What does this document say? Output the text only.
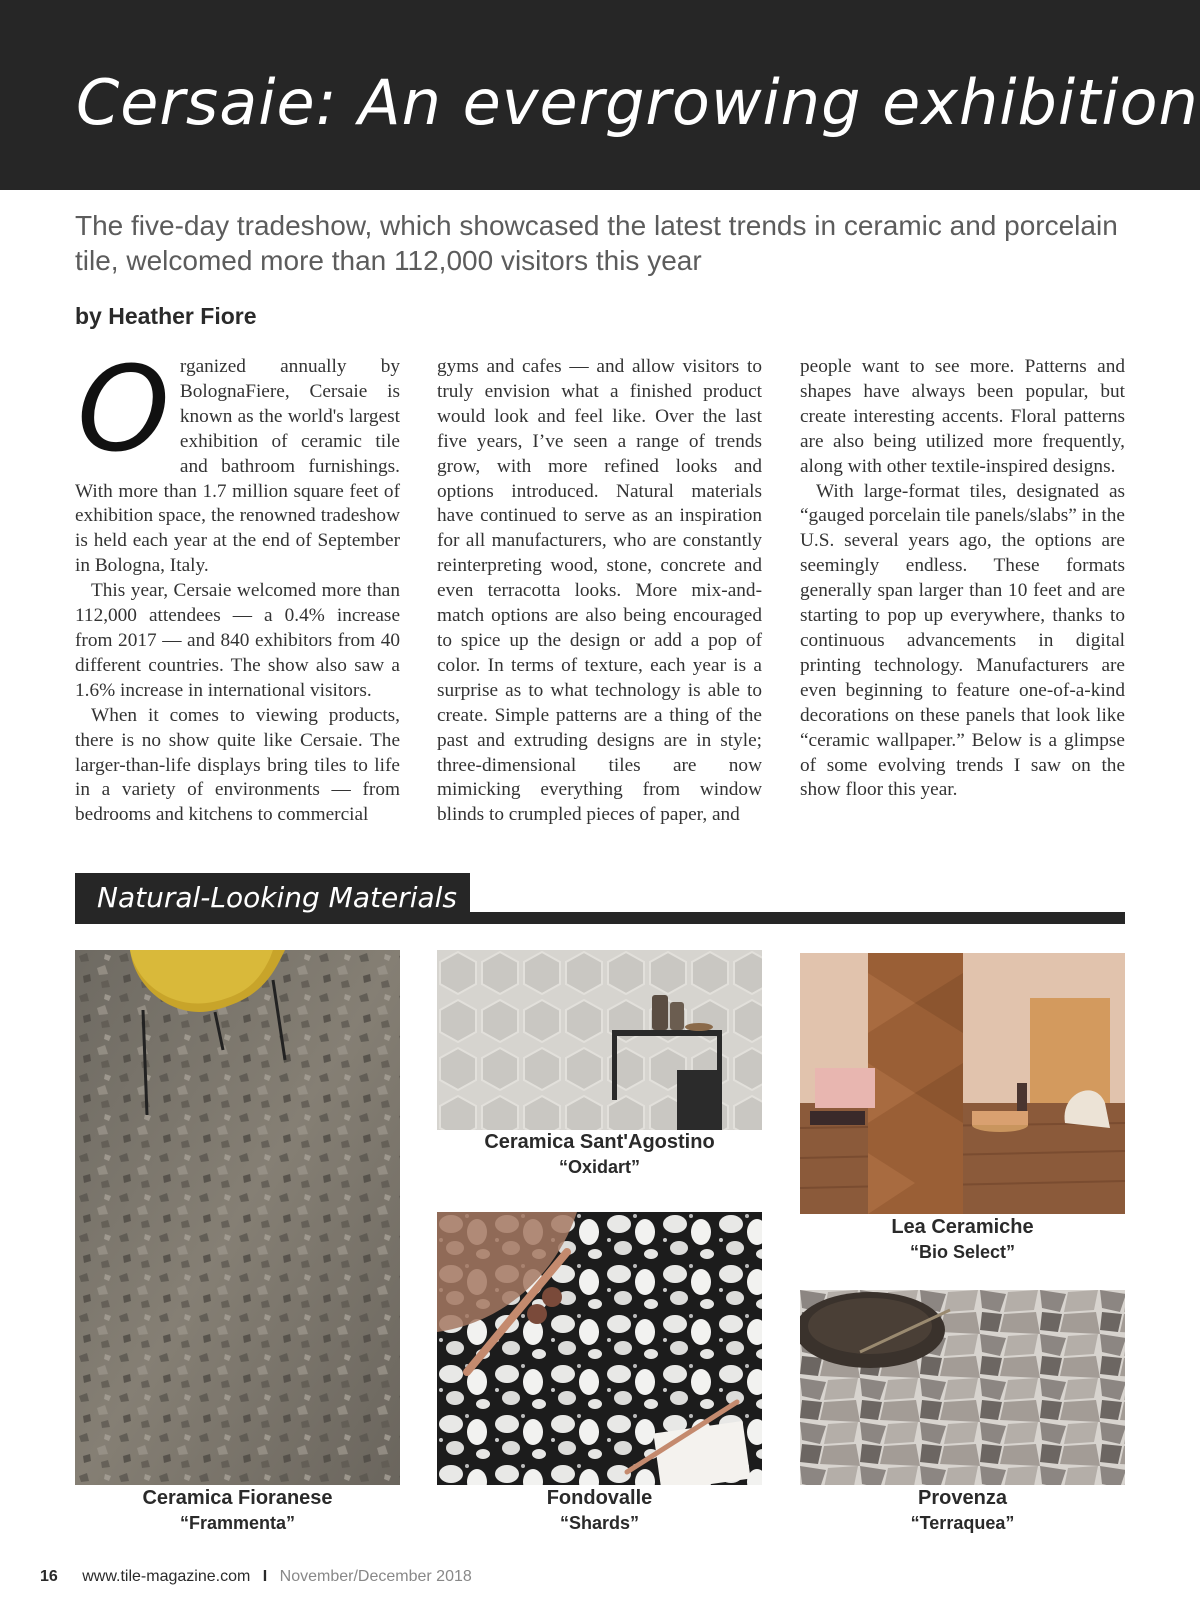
Cersaie: An evergrowing exhibition
The five-day tradeshow, which showcased the latest trends in ceramic and porcelain tile, welcomed more than 112,000 visitors this year
by Heather Fiore

Organized annually by BolognaFiere, Cersaie is known as the world's largest exhibition of ceramic tile and bathroom furnishings. With more than 1.7 million square feet of exhibition space, the renowned tradeshow is held each year at the end of September in Bologna, Italy.

This year, Cersaie welcomed more than 112,000 attendees — a 0.4% increase from 2017 — and 840 exhibitors from 40 different countries. The show also saw a 1.6% increase in international visitors.

When it comes to viewing products, there is no show quite like Cersaie. The larger-than-life displays bring tiles to life in a variety of environments — from bedrooms and kitchens to commercial

gyms and cafes — and allow visitors to truly envision what a finished product would look and feel like. Over the last five years, I’ve seen a range of trends grow, with more refined looks and options introduced. Natural materials have continued to serve as an inspiration for all manufacturers, who are constantly reinterpreting wood, stone, concrete and even terracotta looks. More mix-and-match options are also being encouraged to spice up the design or add a pop of color. In terms of texture, each year is a surprise as to what technology is able to create. Simple patterns are a thing of the past and extruding designs are in style; three-dimensional tiles are now mimicking everything from window blinds to crumpled pieces of paper, and

people want to see more. Patterns and shapes have always been popular, but create interesting accents. Floral patterns are also being utilized more frequently, along with other textile-inspired designs.

With large-format tiles, designated as “gauged porcelain tile panels/slabs” in the U.S. several years ago, the options are seemingly endless. These formats generally span larger than 10 feet and are starting to pop up everywhere, thanks to continuous advancements in digital printing technology. Manufacturers are even beginning to feature one-of-a-kind decorations on these panels that look like “ceramic wallpaper.” Below is a glimpse of some evolving trends I saw on the show floor this year.

Natural-Looking Materials
Ceramica Fioranese
“Frammenta”
Ceramica Sant'Agostino
“Oxidart”
Fondovalle
“Shards”
Lea Ceramiche
“Bio Select”
Provenza
“Terraquea”
16 www.tile-magazine.com I November/December 2018
